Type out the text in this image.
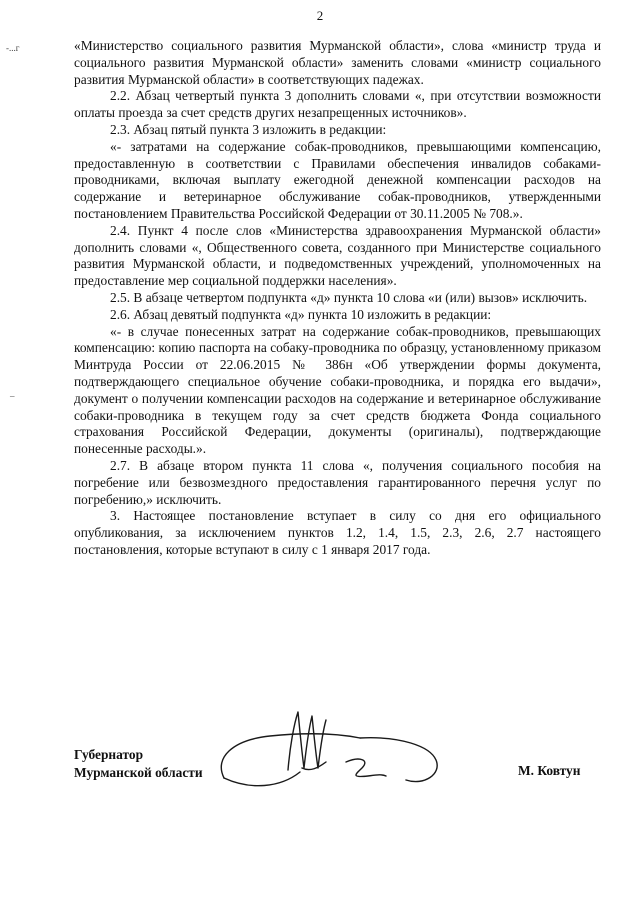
2
-...г
–

«Министерство социального развития Мурманской области», слова «министр труда и социального развития Мурманской области» заменить словами «министр социального развития Мурманской области» в соответствующих падежах.

2.2. Абзац четвертый пункта 3 дополнить словами «, при отсутствии возможности оплаты проезда за счет средств других незапрещенных источников».

2.3. Абзац пятый пункта 3 изложить в редакции:

«- затратами на содержание собак-проводников, превышающими компенсацию, предоставленную в соответствии с Правилами обеспечения инвалидов собаками-проводниками, включая выплату ежегодной денежной компенсации расходов на содержание и ветеринарное обслуживание собак-проводников, утвержденными постановлением Правительства Российской Федерации от 30.11.2005 № 708.».

2.4. Пункт 4 после слов «Министерства здравоохранения Мурманской области» дополнить словами «, Общественного совета, созданного при Министерстве социального развития Мурманской области, и подведомственных учреждений, уполномоченных на предоставление мер социальной поддержки населения».

2.5. В абзаце четвертом подпункта «д» пункта 10 слова «и (или) вызов» исключить.

2.6. Абзац девятый подпункта «д» пункта 10 изложить в редакции:

«- в случае понесенных затрат на содержание собак-проводников, превышающих компенсацию: копию паспорта на собаку-проводника по образцу, установленному приказом Минтруда России от 22.06.2015 № 386н «Об утверждении формы документа, подтверждающего специальное обучение собаки-проводника, и порядка его выдачи», документ о получении компенсации расходов на содержание и ветеринарное обслуживание собаки-проводника в текущем году за счет средств бюджета Фонда социального страхования Российской Федерации, документы (оригиналы), подтверждающие понесенные расходы.».

2.7. В абзаце втором пункта 11 слова «, получения социального пособия на погребение или безвозмездного предоставления гарантированного перечня услуг по погребению,» исключить.

3. Настоящее постановление вступает в силу со дня его официального опубликования, за исключением пунктов 1.2, 1.4, 1.5, 2.3, 2.6, 2.7 настоящего постановления, которые вступают в силу с 1 января 2017 года.

Губернатор
Мурманской области	М. Ковтун
